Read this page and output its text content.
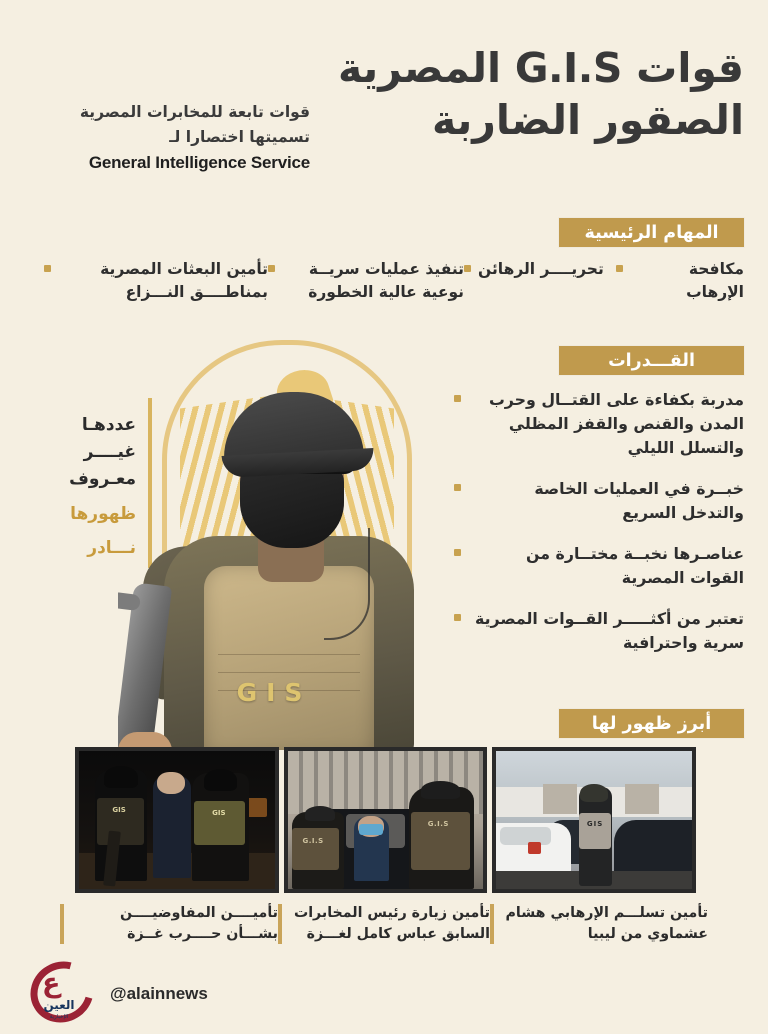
قوات G.I.S المصرية
الصقور الضاربة
قوات تابعة للمخابرات المصرية
تسميتها اختصارا لـ
General Intelligence Service
المهام الرئيسية
مكافحة الإرهاب
تحريــــر الرهائن
تنفيذ عمليات سريــة نوعية عالية الخطورة
تأمين البعثات المصرية بمناطــــق النـــزاع
القـــدرات
مدربة بكفاءة على القتــال وحرب المدن والقنص والقفز المظلي والتسلل الليلي
خبــرة في العمليات الخاصة والتدخل السريع
عناصـرها نخبــة مختــارة من القوات المصرية
تعتبر من أكثـــــر القــوات المصرية سرية واحترافية
عددهـا
غيــــر
معـروف
ظهورها
نـــادر
GIS
أبرز ظهور لها
GIS
G.I.S
G.I.S
GIS	GIS
تأمين تسلـــم الإرهابي هشام عشماوي من ليبيا
تأمين زيارة رئيس المخابرات السابق عباس كامل لغـــزة
تأميــــن المفاوضيــــن بشـــأن حــــرب غــزة
ع
العين
الإخبارية
@alainnews
